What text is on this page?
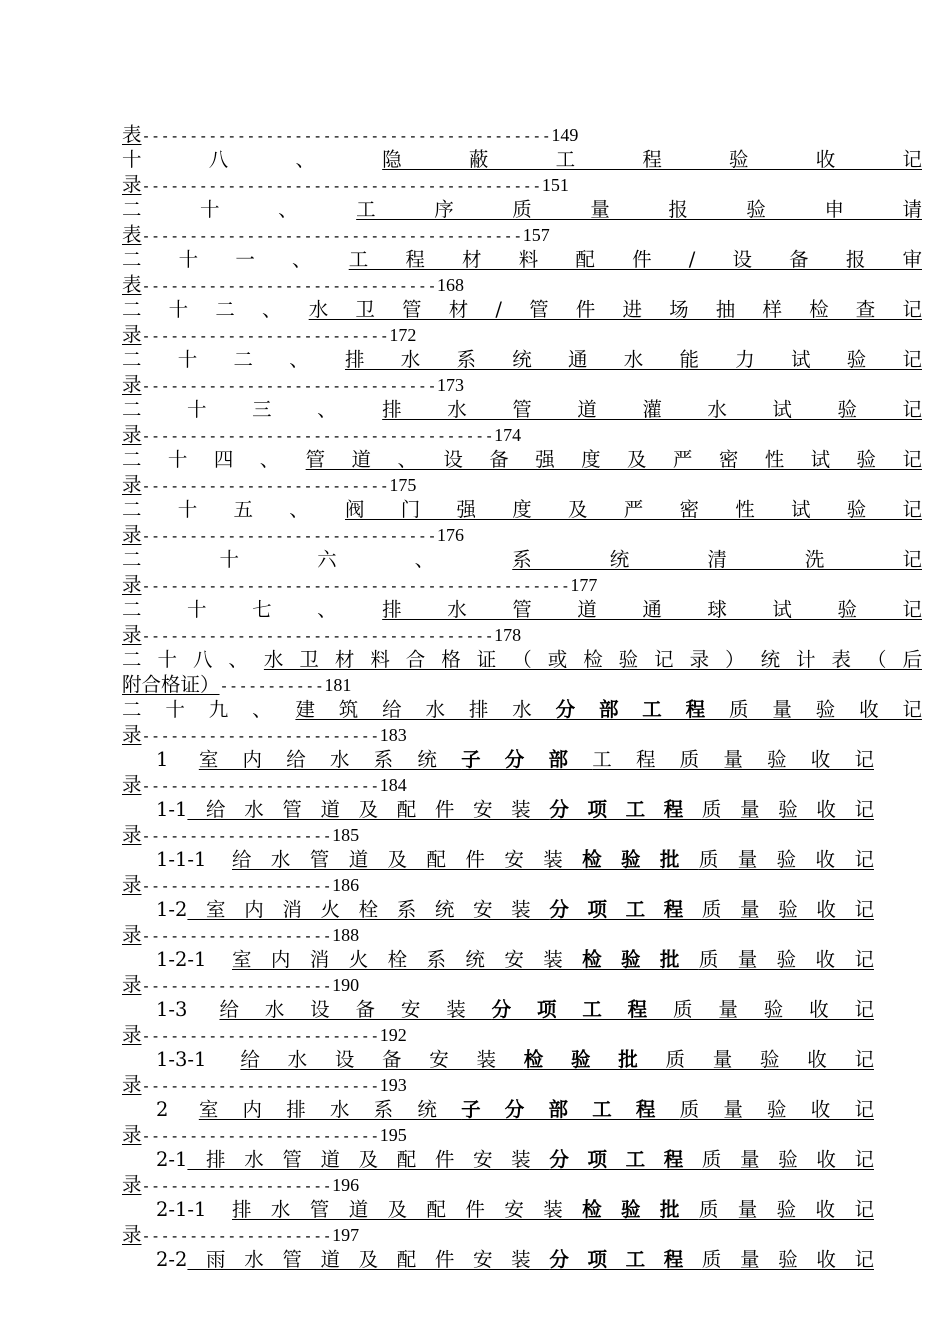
表 ------------------------------------------- 149
十八、隐蔽工程验收记
录 ------------------------------------------ 151
二十、工序质量报验申请
表 ---------------------------------------- 157
二十一、工程材料配件/设备报审
表 ------------------------------- 168
二十二、水卫管材/管件进场抽样检查记
录 -------------------------- 172
二十二、排水系统通水能力试验记
录 ------------------------------- 173
二十三、排水管道灌水试验记
录 ------------------------------------- 174
二十四、管道、设备强度及严密性试验记
录 -------------------------- 175
二十五、阀门强度及严密性试验记
录 ------------------------------- 176
二十六、系统清洗记
录 --------------------------------------------- 177
二十七、排水管道通球试验记
录 ------------------------------------- 178
二十八、水卫材料合格证（或检验记录）统计表（后
附合格证） ----------- 181
二十九、建筑给水排水分部工程质量验收记
录 ------------------------- 183
1 室内给水系统子分部工程质量验收记
录 ------------------------- 184
1-1给水管道及配件安装分项工程质量验收记
录 -------------------- 185
1-1-1 给水管道及配件安装检验批质量验收记
录 -------------------- 186
1-2室内消火栓系统安装分项工程质量验收记
录 -------------------- 188
1-2-1 室内消火栓系统安装检验批质量验收记
录 -------------------- 190
1-3 给水设备安装分项工程质量验收记
录 ------------------------- 192
1-3-1 给水设备安装检验批质量验收记
录 ------------------------- 193
2 室内排水系统子分部工程质量验收记
录 ------------------------- 195
2-1排水管道及配件安装分项工程质量验收记
录 -------------------- 196
2-1-1 排水管道及配件安装检验批质量验收记
录 -------------------- 197
2-2雨水管道及配件安装分项工程质量验收记
